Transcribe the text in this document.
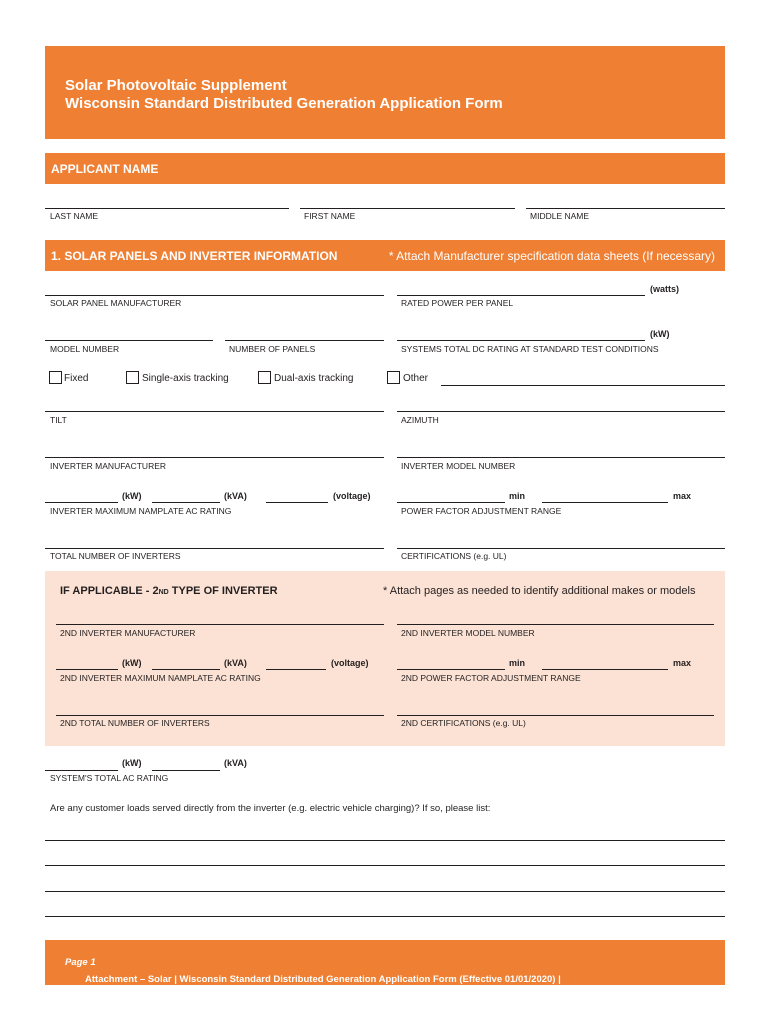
Solar Photovoltaic Supplement
Wisconsin Standard Distributed Generation Application Form
APPLICANT NAME
LAST NAME	FIRST NAME	MIDDLE NAME
1. SOLAR PANELS AND INVERTER INFORMATION	* Attach Manufacturer specification data sheets (If necessary)
(watts)
SOLAR PANEL MANUFACTURER	RATED POWER PER PANEL
(kW)
MODEL NUMBER	NUMBER OF PANELS	SYSTEMS TOTAL DC RATING AT STANDARD TEST CONDITIONS
Fixed	Single-axis tracking	Dual-axis tracking	Other
TILT	AZIMUTH
INVERTER MANUFACTURER	INVERTER MODEL NUMBER
(kW)	(kVA)	(voltage)	min	max
INVERTER MAXIMUM NAMPLATE AC RATING	POWER FACTOR ADJUSTMENT RANGE
TOTAL NUMBER OF INVERTERS	CERTIFICATIONS (e.g. UL)
IF APPLICABLE - 2ND TYPE OF INVERTER	* Attach pages as needed to identify additional makes or models
2ND INVERTER MANUFACTURER	2ND INVERTER MODEL NUMBER
(kW)	(kVA)	(voltage)	min	max
2ND INVERTER MAXIMUM NAMPLATE AC RATING	2ND POWER FACTOR ADJUSTMENT RANGE
2ND TOTAL NUMBER OF INVERTERS	2ND CERTIFICATIONS (e.g. UL)
(kW)	(kVA)
SYSTEM'S TOTAL AC RATING
Are any customer loads served directly from the inverter (e.g. electric vehicle charging)? If so, please list:
Attachment – Solar | Wisconsin Standard Distributed Generation Application Form (Effective 01/01/2020) |
Page 1
